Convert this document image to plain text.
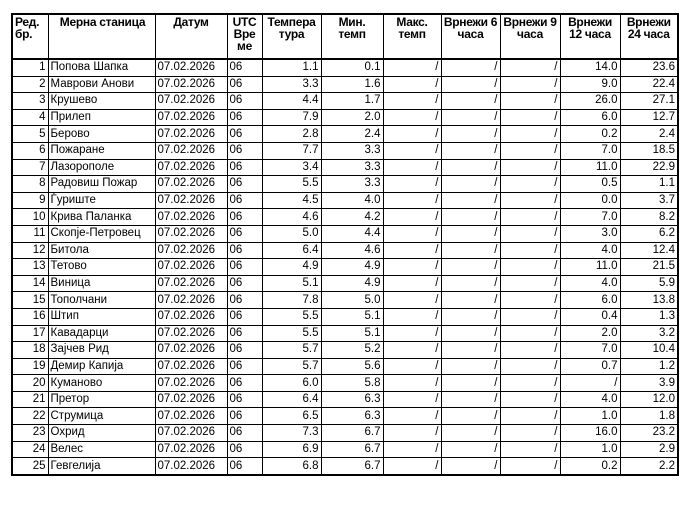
Ред. бр.	Мерна станица	Датум	UTC Вре ме	Темпера тура	Мин. темп	Макс. темп	Врнежи 6 часа	Врнежи 9 часа	Врнежи 12 часа	Врнежи 24 часа
1	Попова Шапка	07.02.2026	06	1.1	0.1	/	/	/	14.0	23.6
2	Маврови Анови	07.02.2026	06	3.3	1.6	/	/	/	9.0	22.4
3	Крушево	07.02.2026	06	4.4	1.7	/	/	/	26.0	27.1
4	Прилеп	07.02.2026	06	7.9	2.0	/	/	/	6.0	12.7
5	Берово	07.02.2026	06	2.8	2.4	/	/	/	0.2	2.4
6	Пожаране	07.02.2026	06	7.7	3.3	/	/	/	7.0	18.5
7	Лазорополе	07.02.2026	06	3.4	3.3	/	/	/	11.0	22.9
8	Радовиш Пожар	07.02.2026	06	5.5	3.3	/	/	/	0.5	1.1
9	Ѓуриште	07.02.2026	06	4.5	4.0	/	/	/	0.0	3.7
10	Крива Паланка	07.02.2026	06	4.6	4.2	/	/	/	7.0	8.2
11	Скопје-Петровец	07.02.2026	06	5.0	4.4	/	/	/	3.0	6.2
12	Битола	07.02.2026	06	6.4	4.6	/	/	/	4.0	12.4
13	Тетово	07.02.2026	06	4.9	4.9	/	/	/	11.0	21.5
14	Виница	07.02.2026	06	5.1	4.9	/	/	/	4.0	5.9
15	Тополчани	07.02.2026	06	7.8	5.0	/	/	/	6.0	13.8
16	Штип	07.02.2026	06	5.5	5.1	/	/	/	0.4	1.3
17	Кавадарци	07.02.2026	06	5.5	5.1	/	/	/	2.0	3.2
18	Зајчев Рид	07.02.2026	06	5.7	5.2	/	/	/	7.0	10.4
19	Демир Капија	07.02.2026	06	5.7	5.6	/	/	/	0.7	1.2
20	Куманово	07.02.2026	06	6.0	5.8	/	/	/	/	3.9
21	Претор	07.02.2026	06	6.4	6.3	/	/	/	4.0	12.0
22	Струмица	07.02.2026	06	6.5	6.3	/	/	/	1.0	1.8
23	Охрид	07.02.2026	06	7.3	6.7	/	/	/	16.0	23.2
24	Велес	07.02.2026	06	6.9	6.7	/	/	/	1.0	2.9
25	Гевгелија	07.02.2026	06	6.8	6.7	/	/	/	0.2	2.2
